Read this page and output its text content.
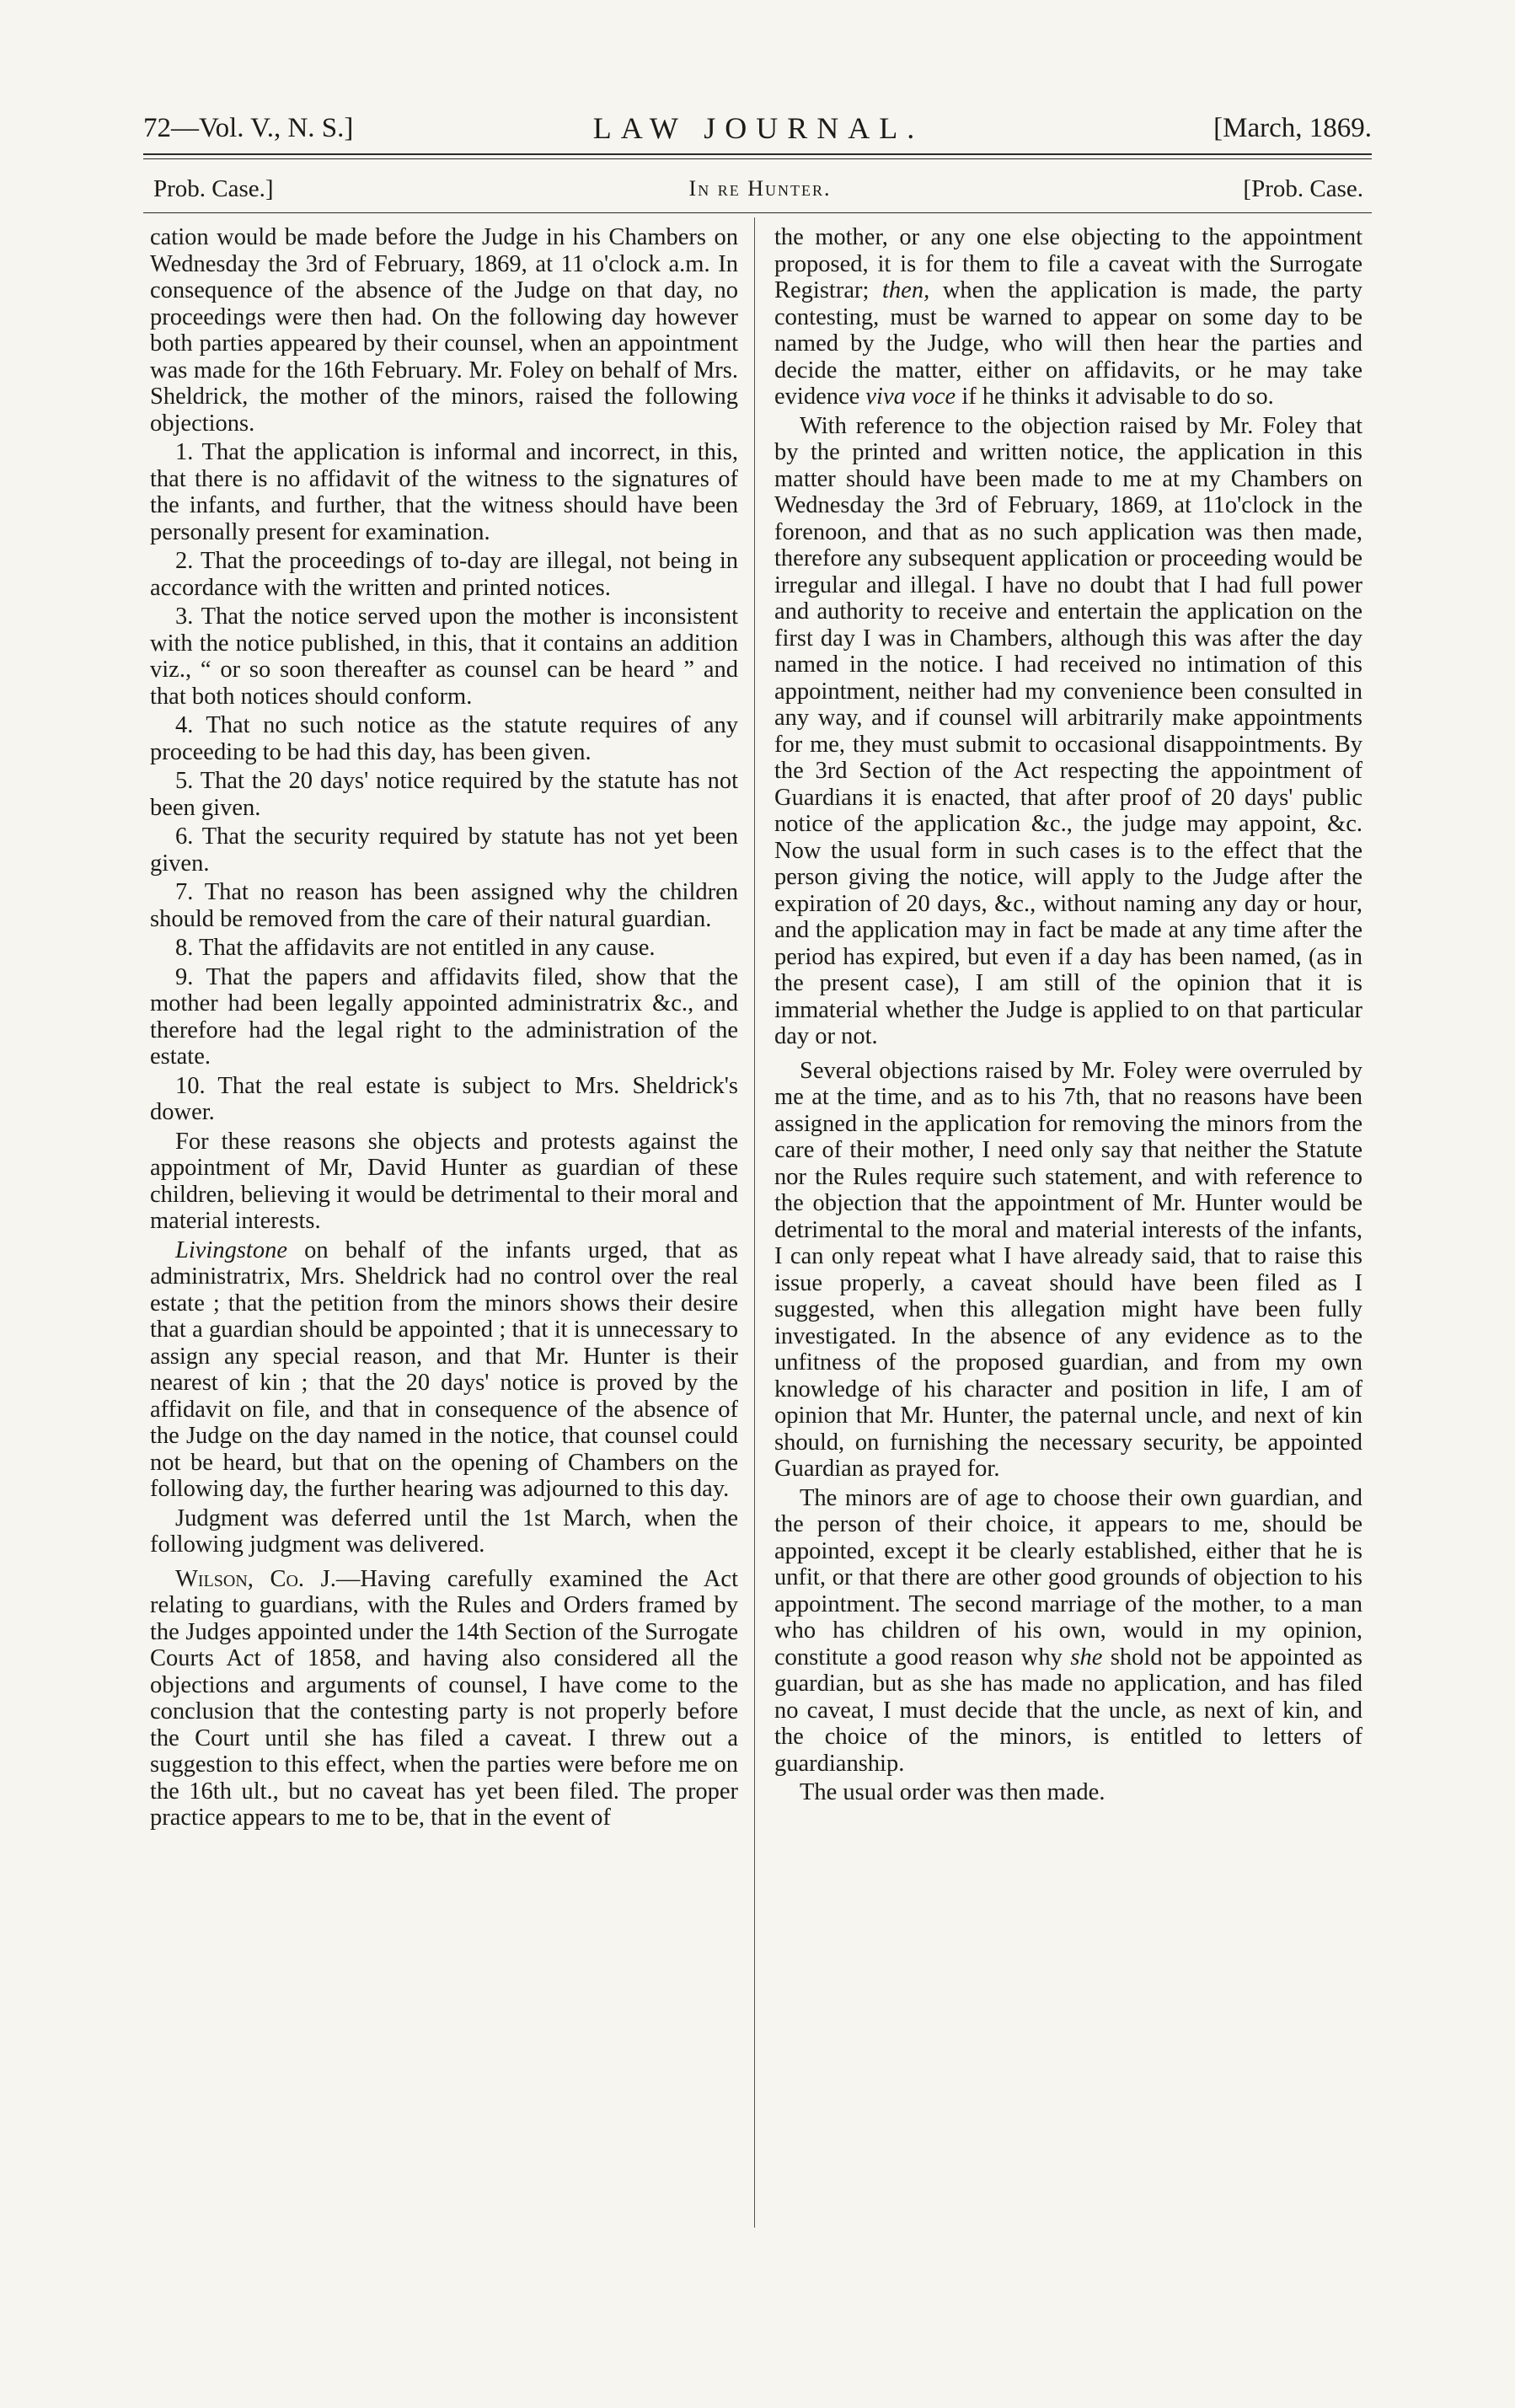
72—Vol. V., N. S.]	LAW JOURNAL.	[March, 1869.
Prob. Case.]	In re Hunter.	[Prob. Case.

cation would be made before the Judge in his Chambers on Wednesday the 3rd of February, 1869, at 11 o'clock a.m. In consequence of the absence of the Judge on that day, no proceedings were then had. On the following day however both parties appeared by their counsel, when an appointment was made for the 16th February. Mr. Foley on behalf of Mrs. Sheldrick, the mother of the minors, raised the following objections.

1. That the application is informal and incorrect, in this, that there is no affidavit of the witness to the signatures of the infants, and further, that the witness should have been personally present for examination.

2. That the proceedings of to-day are illegal, not being in accordance with the written and printed notices.

3. That the notice served upon the mother is inconsistent with the notice published, in this, that it contains an addition viz., “ or so soon thereafter as counsel can be heard ” and that both notices should conform.

4. That no such notice as the statute requires of any proceeding to be had this day, has been given.

5. That the 20 days' notice required by the statute has not been given.

6. That the security required by statute has not yet been given.

7. That no reason has been assigned why the children should be removed from the care of their natural guardian.

8. That the affidavits are not entitled in any cause.

9. That the papers and affidavits filed, show that the mother had been legally appointed administratrix &c., and therefore had the legal right to the administration of the estate.

10. That the real estate is subject to Mrs. Sheldrick's dower.

For these reasons she objects and protests against the appointment of Mr, David Hunter as guardian of these children, believing it would be detrimental to their moral and material interests.

Livingstone on behalf of the infants urged, that as administratrix, Mrs. Sheldrick had no control over the real estate ; that the petition from the minors shows their desire that a guardian should be appointed ; that it is unnecessary to assign any special reason, and that Mr. Hunter is their nearest of kin ; that the 20 days' notice is proved by the affidavit on file, and that in consequence of the absence of the Judge on the day named in the notice, that counsel could not be heard, but that on the opening of Chambers on the following day, the further hearing was adjourned to this day.

Judgment was deferred until the 1st March, when the following judgment was delivered.

Wilson, Co. J.—Having carefully examined the Act relating to guardians, with the Rules and Orders framed by the Judges appointed under the 14th Section of the Surrogate Courts Act of 1858, and having also considered all the objections and arguments of counsel, I have come to the conclusion that the contesting party is not properly before the Court until she has filed a caveat. I threw out a suggestion to this effect, when the parties were before me on the 16th ult., but no caveat has yet been filed. The proper practice appears to me to be, that in the event of

the mother, or any one else objecting to the appointment proposed, it is for them to file a caveat with the Surrogate Registrar; then, when the application is made, the party contesting, must be warned to appear on some day to be named by the Judge, who will then hear the parties and decide the matter, either on affidavits, or he may take evidence viva voce if he thinks it advisable to do so.

With reference to the objection raised by Mr. Foley that by the printed and written notice, the application in this matter should have been made to me at my Chambers on Wednesday the 3rd of February, 1869, at 11o'clock in the forenoon, and that as no such application was then made, therefore any subsequent application or proceeding would be irregular and illegal. I have no doubt that I had full power and authority to receive and entertain the application on the first day I was in Chambers, although this was after the day named in the notice. I had received no intimation of this appointment, neither had my convenience been consulted in any way, and if counsel will arbitrarily make appointments for me, they must submit to occasional disappointments. By the 3rd Section of the Act respecting the appointment of Guardians it is enacted, that after proof of 20 days' public notice of the application &c., the judge may appoint, &c. Now the usual form in such cases is to the effect that the person giving the notice, will apply to the Judge after the expiration of 20 days, &c., without naming any day or hour, and the application may in fact be made at any time after the period has expired, but even if a day has been named, (as in the present case), I am still of the opinion that it is immaterial whether the Judge is applied to on that particular day or not.

Several objections raised by Mr. Foley were overruled by me at the time, and as to his 7th, that no reasons have been assigned in the application for removing the minors from the care of their mother, I need only say that neither the Statute nor the Rules require such statement, and with reference to the objection that the appointment of Mr. Hunter would be detrimental to the moral and material interests of the infants, I can only repeat what I have already said, that to raise this issue properly, a caveat should have been filed as I suggested, when this allegation might have been fully investigated. In the absence of any evidence as to the unfitness of the proposed guardian, and from my own knowledge of his character and position in life, I am of opinion that Mr. Hunter, the paternal uncle, and next of kin should, on furnishing the necessary security, be appointed Guardian as prayed for.

The minors are of age to choose their own guardian, and the person of their choice, it appears to me, should be appointed, except it be clearly established, either that he is unfit, or that there are other good grounds of objection to his appointment. The second marriage of the mother, to a man who has children of his own, would in my opinion, constitute a good reason why she shold not be appointed as guardian, but as she has made no application, and has filed no caveat, I must decide that the uncle, as next of kin, and the choice of the minors, is entitled to letters of guardianship.

The usual order was then made.
